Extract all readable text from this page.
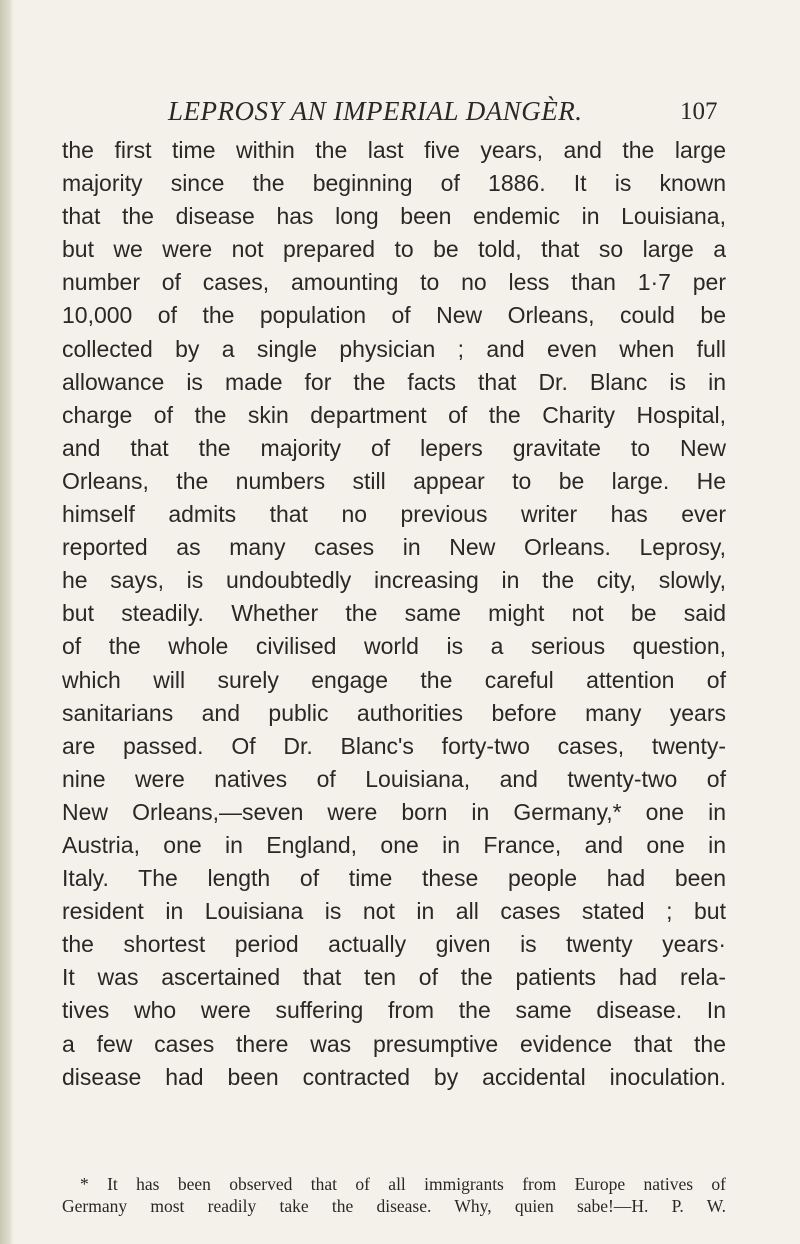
LEPROSY AN IMPERIAL DANGÈR.	107
the first time within the last five years, and the large
majority since the beginning of 1886. It is known
that the disease has long been endemic in Louisiana,
but we were not prepared to be told, that so large a
number of cases, amounting to no less than 1·7 per
10,000 of the population of New Orleans, could be
collected by a single physician ; and even when full
allowance is made for the facts that Dr. Blanc is in
charge of the skin department of the Charity Hospital,
and that the majority of lepers gravitate to New
Orleans, the numbers still appear to be large. He
himself admits that no previous writer has ever
reported as many cases in New Orleans. Leprosy,
he says, is undoubtedly increasing in the city, slowly,
but steadily. Whether the same might not be said
of the whole civilised world is a serious question,
which will surely engage the careful attention of
sanitarians and public authorities before many years
are passed. Of Dr. Blanc's forty-two cases, twenty-
nine were natives of Louisiana, and twenty-two of
New Orleans,—seven were born in Germany,* one in
Austria, one in England, one in France, and one in
Italy. The length of time these people had been
resident in Louisiana is not in all cases stated ; but
the shortest period actually given is twenty years·
It was ascertained that ten of the patients had rela-
tives who were suffering from the same disease. In
a few cases there was presumptive evidence that the
disease had been contracted by accidental inoculation.
* It has been observed that of all immigrants from Europe natives of
Germany most readily take the disease. Why, quien sabe!—H. P. W.
